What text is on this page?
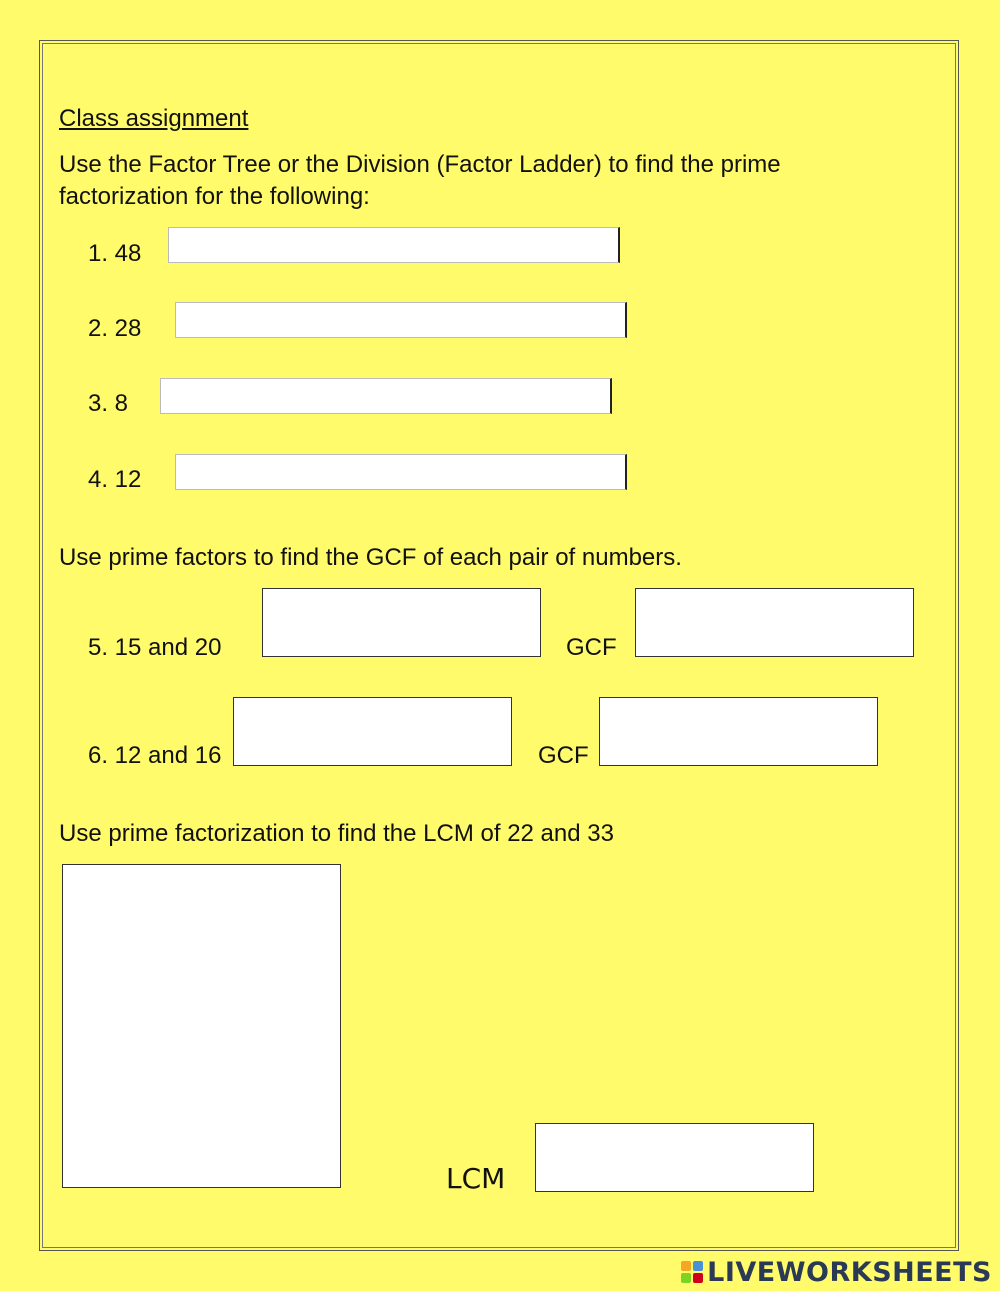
Class assignment
Use the Factor Tree or the Division (Factor Ladder) to find the prime
factorization for the following:
1. 48
2. 28
3. 8
4. 12
Use prime factors to find the GCF of each pair of numbers.
5. 15 and 20	GCF
6. 12 and 16	GCF
Use prime factorization to find the LCM of 22 and 33
LCM
LIVEWORKSHEETS
